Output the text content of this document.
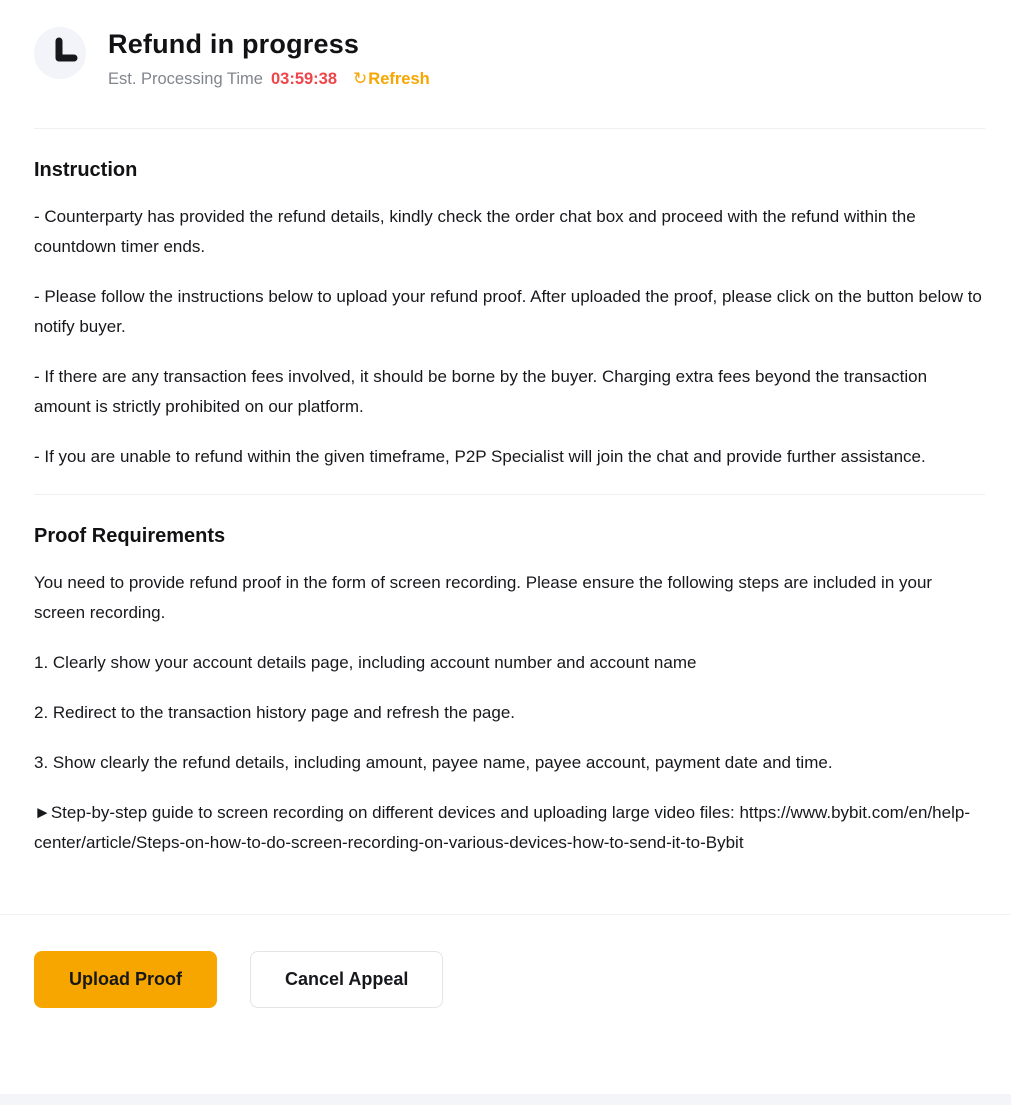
Refund in progress
Est. Processing Time 03:59:38 ↻ Refresh
Instruction

- Counterparty has provided the refund details, kindly check the order chat box and proceed with the refund within the countdown timer ends.

- Please follow the instructions below to upload your refund proof. After uploaded the proof, please click on the button below to notify buyer.

- If there are any transaction fees involved, it should be borne by the buyer. Charging extra fees beyond the transaction amount is strictly prohibited on our platform.

- If you are unable to refund within the given timeframe, P2P Specialist will join the chat and provide further assistance.

Proof Requirements

You need to provide refund proof in the form of screen recording. Please ensure the following steps are included in your screen recording.

1. Clearly show your account details page, including account number and account name

2. Redirect to the transaction history page and refresh the page.

3. Show clearly the refund details, including amount, payee name, payee account, payment date and time.

►Step-by-step guide to screen recording on different devices and uploading large video files: https://www.bybit.com/en/help-center/article/Steps-on-how-to-do-screen-recording-on-various-devices-how-to-send-it-to-Bybit

Upload Proof	Cancel Appeal
